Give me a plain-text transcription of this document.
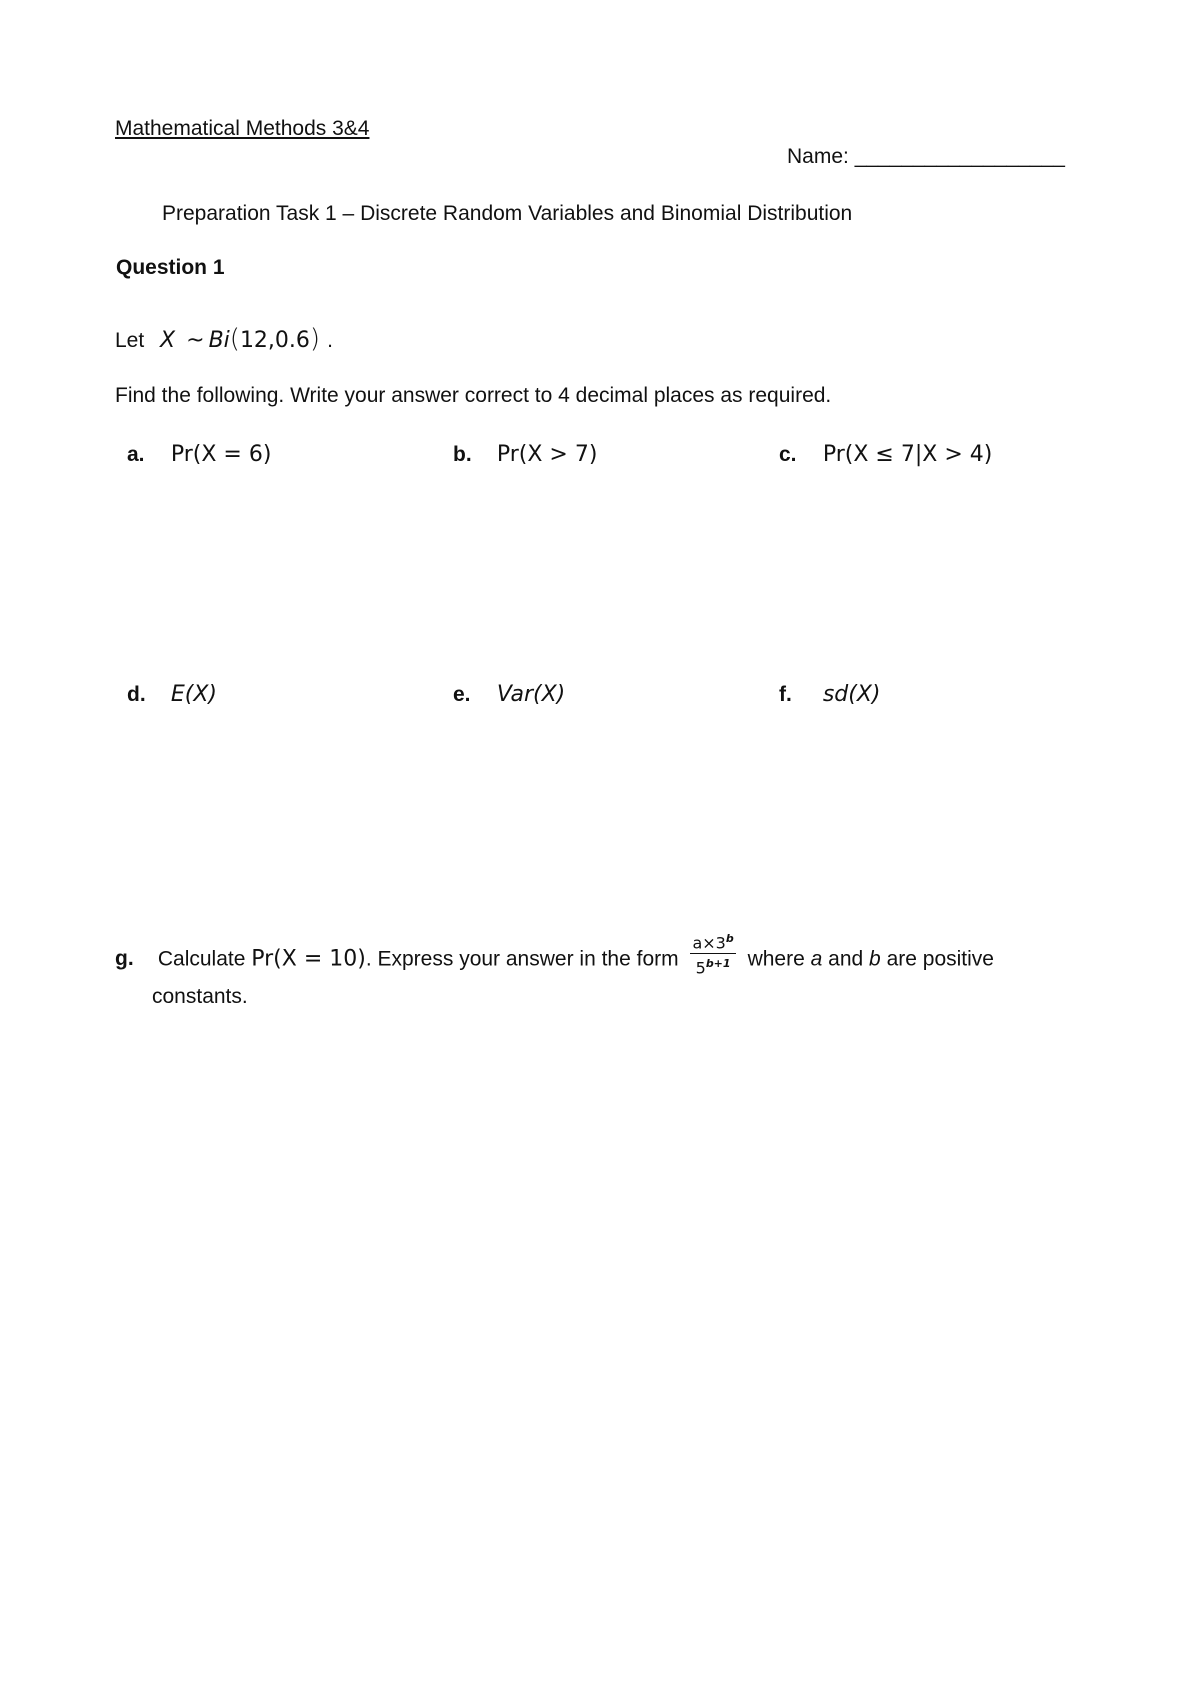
Mathematical Methods 3&4
Name: __________________
Preparation Task 1 – Discrete Random Variables and Binomial Distribution
Question 1
Let X ~ Bi(12,0.6) .
Find the following. Write your answer correct to 4 decimal places as required.
a. Pr(X = 6)	b. Pr(X > 7)	c. Pr(X ≤ 7|X > 4)
d. E(X)	e. Var(X)	f. sd(X)
g. Calculate Pr(X = 10). Express your answer in the form $\frac{a\times 3^b}{5^{b+1}}$ where a and b are positive
constants.
